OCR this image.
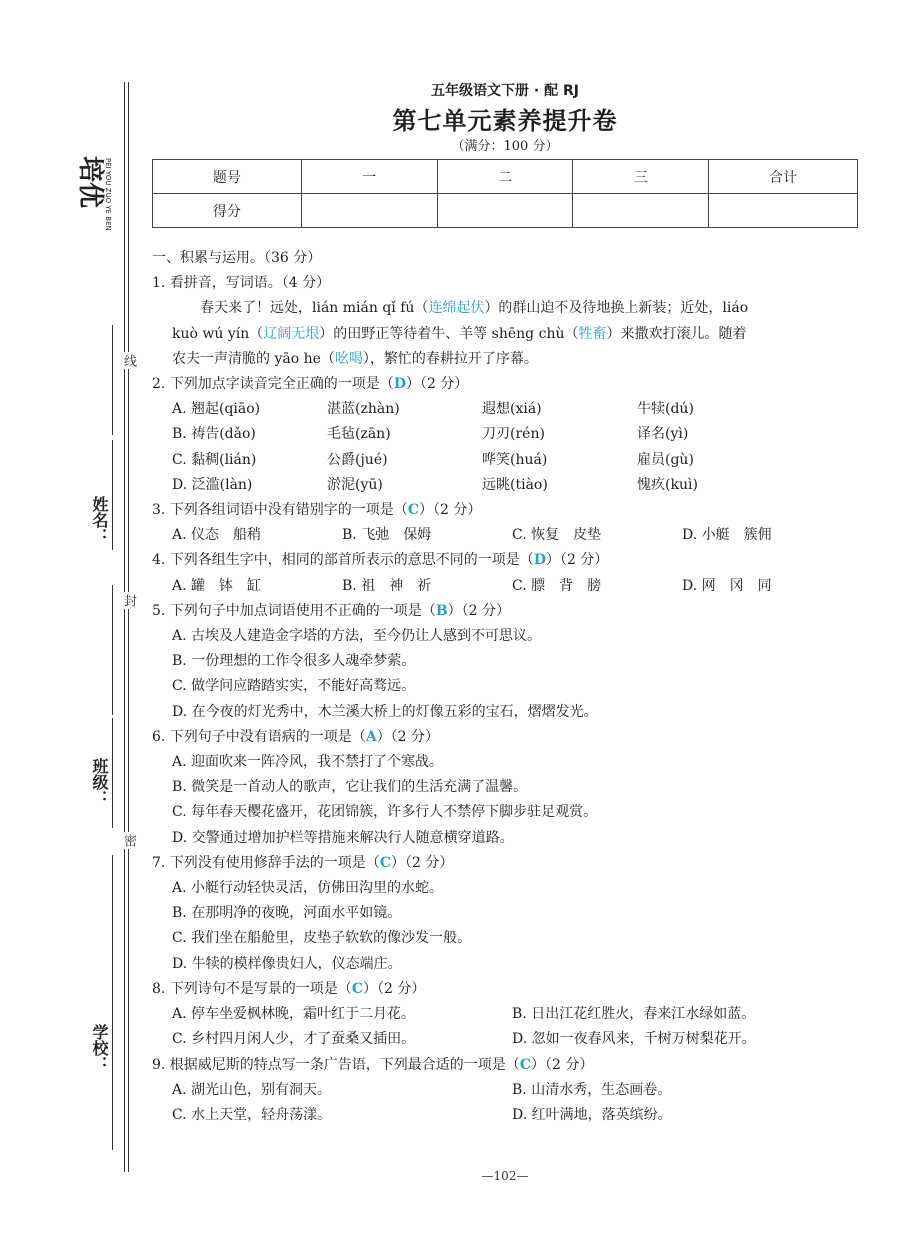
培优 PEI YOU ZUO YE BEN
线
姓名：
封
班级：
密
学校：
五年级语文下册 · 配 RJ
第七单元素养提升卷
（满分：100 分）
题号	一	二	三	合计
得分				

一、积累与运用。（36 分）

1. 看拼音，写词语。（4 分）

春天来了！远处，lián mián qǐ fú（连绵起伏）的群山迫不及待地换上新装；近处，liáo

kuò wú yín（辽阔无垠）的田野正等待着牛、羊等 shēng chù（牲畜）来撒欢打滚儿。随着

农夫一声清脆的 yāo he（吆喝），繁忙的春耕拉开了序幕。

2. 下列加点字读音完全正确的一项是（D）（2 分）

A. 翘起(qiāo)	湛蓝(zhàn)	遐想(xiá)	牛犊(dú)
B. 祷告(dǎo)	毛毡(zān)	刀刃(rén)	译名(yì)
C. 黏稠(lián)	公爵(jué)	哗笑(huá)	雇员(gù)
D. 泛滥(làn)	淤泥(yū)	远眺(tiào)	愧疚(kuì)

3. 下列各组词语中没有错别字的一项是（C）（2 分）

A. 仪态　船稍	B. 飞弛　保姆	C. 恢复　皮垫	D. 小艇　簇佣

4. 下列各组生字中，相同的部首所表示的意思不同的一项是（D）（2 分）

A. 罐　钵　缸	B. 祖　神　祈	C. 膘　背　膀	D. 网　冈　同

5. 下列句子中加点词语使用不正确的一项是（B）（2 分）

A. 古埃及人建造金字塔的方法，至今仍让人感到不可思议。

B. 一份理想的工作令很多人魂牵梦萦。

C. 做学问应踏踏实实，不能好高骛远。

D. 在今夜的灯光秀中，木兰溪大桥上的灯像五彩的宝石，熠熠发光。

6. 下列句子中没有语病的一项是（A）（2 分）

A. 迎面吹来一阵冷风，我不禁打了个寒战。

B. 微笑是一首动人的歌声，它让我们的生活充满了温馨。

C. 每年春天樱花盛开，花团锦簇，许多行人不禁停下脚步驻足观赏。

D. 交警通过增加护栏等措施来解决行人随意横穿道路。

7. 下列没有使用修辞手法的一项是（C）（2 分）

A. 小艇行动轻快灵活，仿佛田沟里的水蛇。

B. 在那明净的夜晚，河面水平如镜。

C. 我们坐在船舱里，皮垫子软软的像沙发一般。

D. 牛犊的模样像贵妇人，仪态端庄。

8. 下列诗句不是写景的一项是（C）（2 分）

A. 停车坐爱枫林晚，霜叶红于二月花。	B. 日出江花红胜火，春来江水绿如蓝。
C. 乡村四月闲人少，才了蚕桑又插田。	D. 忽如一夜春风来，千树万树梨花开。

9. 根据威尼斯的特点写一条广告语，下列最合适的一项是（C）（2 分）

A. 湖光山色，别有洞天。	B. 山清水秀，生态画卷。
C. 水上天堂，轻舟荡漾。	D. 红叶满地，落英缤纷。
—102—
